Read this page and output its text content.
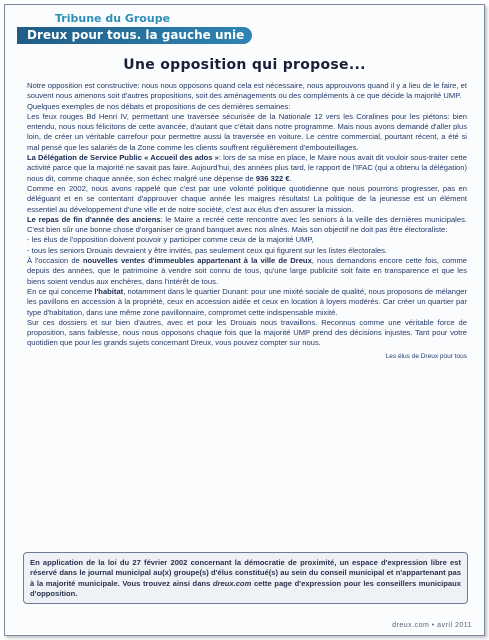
Tribune du Groupe
Dreux pour tous. la gauche unie
Une opposition qui propose...

Notre opposition est constructive: nous nous opposons quand cela est nécessaire, nous approuvons quand il y a lieu de le faire, et souvent nous amenons soit d'autres propositions, soit des aménagements ou des compléments à ce que décide la majorité UMP.

Quelques exemples de nos débats et propositions de ces dernières semaines:

Les feux rouges Bd Henri IV, permettant une traversée sécurisée de la Nationale 12 vers les Coralines pour les piétons: bien entendu, nous nous félicitons de cette avancée, d'autant que c'était dans notre programme. Mais nous avons demandé d'aller plus loin, de créer un véritable carrefour pour permettre aussi la traversée en voiture. Le centre commercial, pourtant récent, a été si mal pensé que les salariés de la Zone comme les clients souffrent régulièrement d'embouteillages.

La Délégation de Service Public « Accueil des ados »: lors de sa mise en place, le Maire nous avait dit vouloir sous-traiter cette activité parce que la majorité ne savait pas faire. Aujourd'hui, des années plus tard, le rapport de l'IFAC (qui a obtenu la délégation) nous dit, comme chaque année, son échec malgré une dépense de 936 322 €.

Comme en 2002, nous avons rappelé que c'est par une volonté politique quotidienne que nous pourrons progresser, pas en déléguant et en se contentant d'approuver chaque année les maigres résultats! La politique de la jeunesse est un élément essentiel au développement d'une ville et de notre société, c'est aux élus d'en assurer la mission.

Le repas de fin d'année des anciens: le Maire a recréé cette rencontre avec les seniors à la veille des dernières municipales. C'est bien sûr une bonne chose d'organiser ce grand banquet avec nos aînés. Mais son objectif ne doit pas être électoraliste:

- les élus de l'opposition doivent pouvoir y participer comme ceux de la majorité UMP,

- tous les seniors Drouais devraient y être invités, pas seulement ceux qui figurent sur les listes électorales.

À l'occasion de nouvelles ventes d'immeubles appartenant à la ville de Dreux, nous demandons encore cette fois, comme depuis des années, que le patrimoine à vendre soit connu de tous, qu'une large publicité soit faite en transparence et que les biens soient vendus aux enchères, dans l'intérêt de tous.

En ce qui concerne l'habitat, notamment dans le quartier Dunant: pour une mixité sociale de qualité, nous proposons de mélanger les pavillons en accession à la propriété, ceux en accession aidée et ceux en location à loyers modérés. Car créer un quartier par type d'habitation, dans une même zone pavillonnaire, compromet cette indispensable mixité.

Sur ces dossiers et sur bien d'autres, avec et pour les Drouais nous travaillons. Reconnus comme une véritable force de proposition, sans faiblesse, nous nous opposons chaque fois que la majorité UMP prend des décisions injustes. Tant pour votre quotidien que pour les grands sujets concernant Dreux, vous pouvez compter sur nous.

Les élus de Dreux pour tous

En application de la loi du 27 février 2002 concernant la démocratie de proximité, un espace d'expression libre est réservé dans le journal municipal au(x) groupe(s) d'élus constitué(s) au sein du conseil municipal et n'appartenant pas à la majorité municipale. Vous trouvez ainsi dans dreux.com cette page d'expression pour les conseillers municipaux d'opposition.
dreux.com • avril 2011
